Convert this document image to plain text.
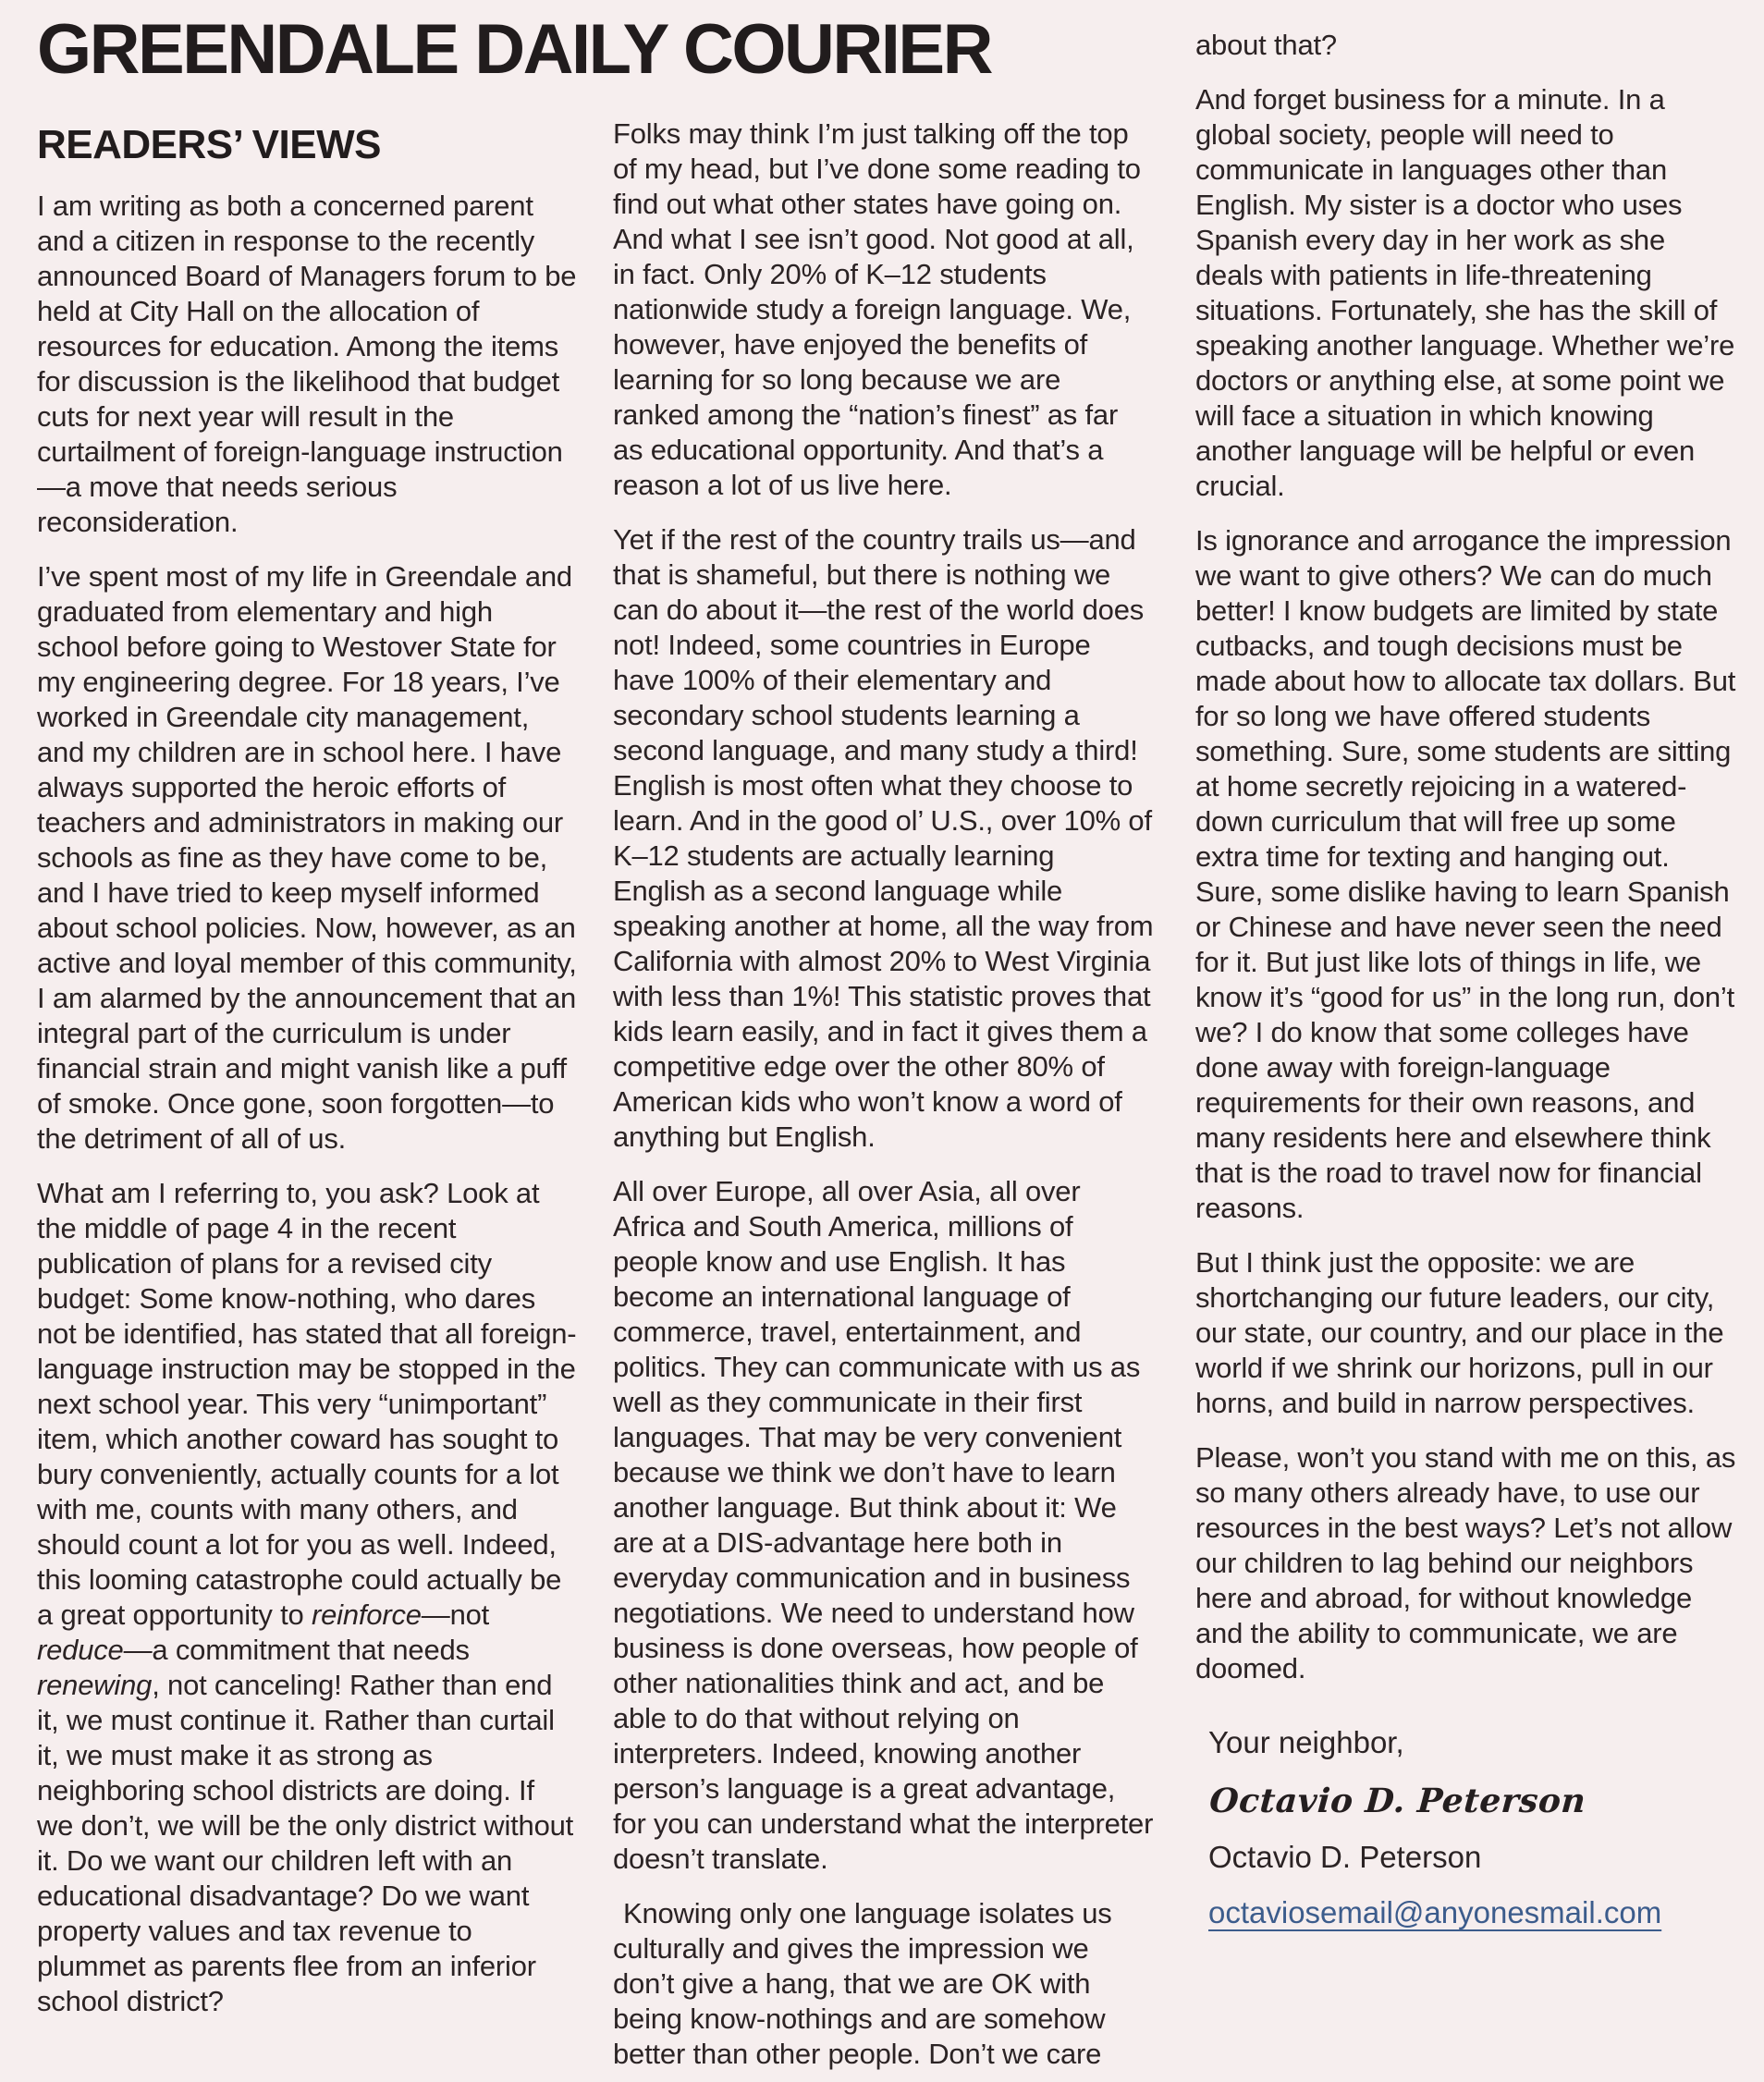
GREENDALE DAILY COURIER
READERS’ VIEWS

I am writing as both a concerned parent and a citizen in response to the recently announced Board of Managers forum to be held at City Hall on the allocation of resources for education. Among the items for discussion is the likelihood that budget cuts for next year will result in the curtailment of foreign-language instruction—a move that needs serious reconsideration.

I’ve spent most of my life in Greendale and graduated from elementary and high school before going to Westover State for my engineering degree. For 18 years, I’ve worked in Greendale city management, and my children are in school here. I have always supported the heroic efforts of teachers and administrators in making our schools as fine as they have come to be, and I have tried to keep myself informed about school policies. Now, however, as an active and loyal member of this community, I am alarmed by the announcement that an integral part of the curriculum is under financial strain and might vanish like a puff of smoke. Once gone, soon forgotten—to the detriment of all of us.

What am I referring to, you ask? Look at the middle of page 4 in the recent publication of plans for a revised city budget: Some know-nothing, who dares not be identified, has stated that all foreign-language instruction may be stopped in the next school year. This very “unimportant” item, which another coward has sought to bury conveniently, actually counts for a lot with me, counts with many others, and should count a lot for you as well. Indeed, this looming catastrophe could actually be a great opportunity to reinforce—not reduce—a commitment that needs renewing, not canceling! Rather than end it, we must continue it. Rather than curtail it, we must make it as strong as neighboring school districts are doing. If we don’t, we will be the only district without it. Do we want our children left with an educational disadvantage? Do we want property values and tax revenue to plummet as parents flee from an inferior school district?

Folks may think I’m just talking off the top of my head, but I’ve done some reading to find out what other states have going on. And what I see isn’t good. Not good at all, in fact. Only 20% of K–12 students nationwide study a foreign language. We, however, have enjoyed the benefits of learning for so long because we are ranked among the “nation’s finest” as far as educational opportunity. And that’s a reason a lot of us live here.

Yet if the rest of the country trails us—and that is shameful, but there is nothing we can do about it—the rest of the world does not! Indeed, some countries in Europe have 100% of their elementary and secondary school students learning a second language, and many study a third! English is most often what they choose to learn. And in the good ol’ U.S., over 10% of K–12 students are actually learning English as a second language while speaking another at home, all the way from California with almost 20% to West Virginia with less than 1%! This statistic proves that kids learn easily, and in fact it gives them a competitive edge over the other 80% of American kids who won’t know a word of anything but English.

All over Europe, all over Asia, all over Africa and South America, millions of people know and use English. It has become an international language of commerce, travel, entertainment, and politics. They can communicate with us as well as they communicate in their first languages. That may be very convenient because we think we don’t have to learn another language. But think about it: We are at a DIS-advantage here both in everyday communication and in business negotiations. We need to understand how business is done overseas, how people of other nationalities think and act, and be able to do that without relying on interpreters. Indeed, knowing another person’s language is a great advantage, for you can understand what the interpreter doesn’t translate.

Knowing only one language isolates us culturally and gives the impression we don’t give a hang, that we are OK with being know-nothings and are somehow better than other people. Don’t we care

about that?

And forget business for a minute. In a global society, people will need to communicate in languages other than English. My sister is a doctor who uses Spanish every day in her work as she deals with patients in life-threatening situations. Fortunately, she has the skill of speaking another language. Whether we’re doctors or anything else, at some point we will face a situation in which knowing another language will be helpful or even crucial.

Is ignorance and arrogance the impression we want to give others? We can do much better! I know budgets are limited by state cutbacks, and tough decisions must be made about how to allocate tax dollars. But for so long we have offered students something. Sure, some students are sitting at home secretly rejoicing in a watered-down curriculum that will free up some extra time for texting and hanging out. Sure, some dislike having to learn Spanish or Chinese and have never seen the need for it. But just like lots of things in life, we know it’s “good for us” in the long run, don’t we? I do know that some colleges have done away with foreign-language requirements for their own reasons, and many residents here and elsewhere think that is the road to travel now for financial reasons.

But I think just the opposite: we are shortchanging our future leaders, our city, our state, our country, and our place in the world if we shrink our horizons, pull in our horns, and build in narrow perspectives.

Please, won’t you stand with me on this, as so many others already have, to use our resources in the best ways? Let’s not allow our children to lag behind our neighbors here and abroad, for without knowledge and the ability to communicate, we are doomed.

Your neighbor,

Octavio D. Peterson

Octavio D. Peterson

octaviosemail@anyonesmail.com
